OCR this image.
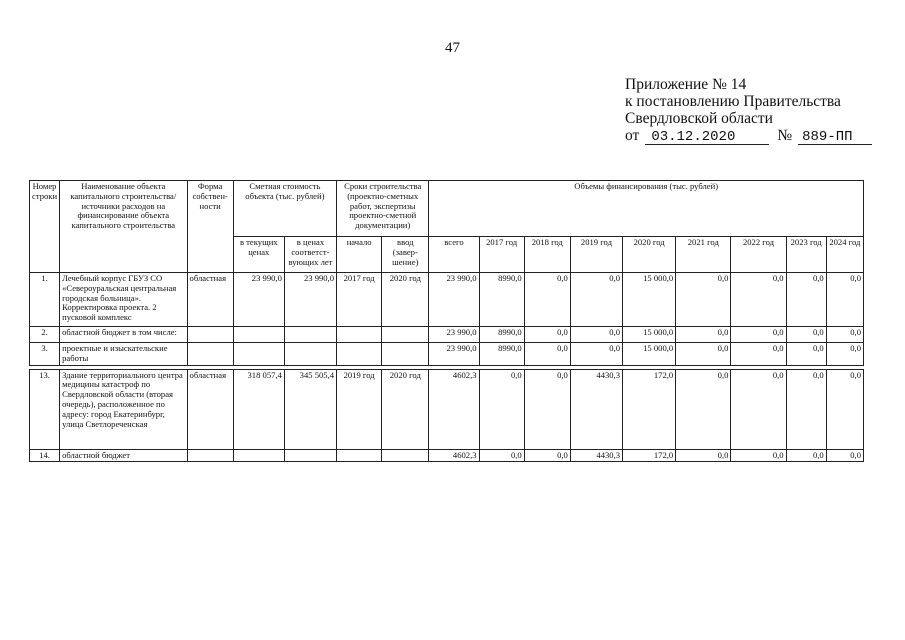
47
Приложение № 14
к постановлению Правительства
Свердловской области
от 03.12.2020	№ 889-ПП
Номер строки	Наименование объекта капитального строительства/ источники расходов на финансирование объекта капитального строительства	Форма собствен-ности	Сметная стоимость объекта (тыс. рублей)		Сроки строительства (проектно-сметных работ, экспертизы проектно-сметной документации)		Объемы финансирования (тыс. рублей)								
			в текущих ценах	в ценах соответст-вующих лет	начало	ввод (завер-шение)	всего	2017 год	2018 год	2019 год	2020 год	2021 год	2022 год	2023 год	2024 год
1.	Лечебный корпус ГБУЗ СО «Североуральская центральная городская больница». Корректировка проекта. 2 пусковой комплекс	областная	23 990,0	23 990,0	2017 год	2020 год	23 990,0	8990,0	0,0	0,0	15 000,0	0,0	0,0	0,0	0,0
2.	областной бюджет в том числе:						23 990,0	8990,0	0,0	0,0	15 000,0	0,0	0,0	0,0	0,0
3.	проектные и изыскательские работы						23 990,0	8990,0	0,0	0,0	15 000,0	0,0	0,0	0,0	0,0

13.	Здание территориального центра медицины катастроф по Свердловской области (вторая очередь), расположенное по адресу: город Екатеринбург, улица Светлореченская	областная	318 057,4	345 505,4	2019 год	2020 год	4602,3	0,0	0,0	4430,3	172,0	0,0	0,0	0,0	0,0
14.	областной бюджет						4602,3	0,0	0,0	4430,3	172,0	0,0	0,0	0,0	0,0
